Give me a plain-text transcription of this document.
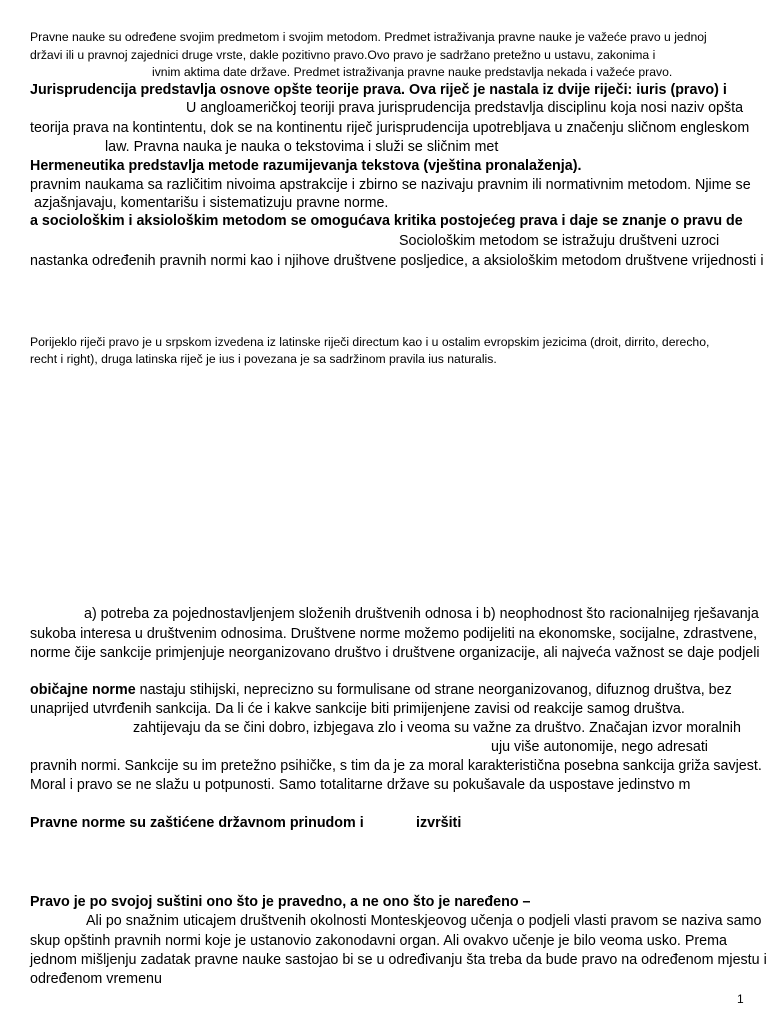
Pravne nauke su određene svojim predmetom i svojim metodom. Predmet istraživanja pravne nauke je važeće pravo u jednoj
državi ili u pravnoj zajednici druge vrste, dakle pozitivno pravo.Ovo pravo je sadržano pretežno u ustavu, zakonima i
ivnim aktima date države. Predmet istraživanja pravne nauke predstavlja nekada i važeće pravo.
Jurisprudencija predstavlja osnove opšte teorije prava. Ova riječ je nastala iz dvije riječi: iuris (pravo) i
U angloameričkoj teoriji prava jurisprudencija predstavlja disciplinu koja nosi naziv opšta
teorija prava na kontintentu, dok se na kontinentu riječ jurisprudencija upotrebljava u značenju sličnom engleskom
law. Pravna nauka je nauka o tekstovima i služi se sličnim met
Hermeneutika predstavlja metode razumijevanja tekstova (vještina pronalaženja).
pravnim naukama sa različitim nivoima apstrakcije i zbirno se nazivaju pravnim ili normativnim metodom. Njime se
azjašnjavaju, komentarišu i sistematizuju pravne norme.
a sociološkim i aksiološkim metodom se omogućava kritika postojećeg prava i daje se znanje o pravu de
Sociološkim metodom se istražuju društveni uzroci
nastanka određenih pravnih normi kao i njihove društvene posljedice, a aksiološkim metodom društvene vrijednosti i
Porijeklo riječi pravo je u srpskom izvedena iz latinske riječi directum kao i u ostalim evropskim jezicima (droit, dirrito, derecho,
recht i right), druga latinska riječ je ius i povezana je sa sadržinom pravila ius naturalis.
a) potreba za pojednostavljenjem složenih društvenih odnosa i b) neophodnost što racionalnijeg rješavanja
sukoba interesa u društvenim odnosima. Društvene norme možemo podijeliti na ekonomske, socijalne, zdrastvene,
norme čije sankcije primjenjuje neorganizovano društvo i društvene organizacije, ali najveća važnost se daje podjeli
običajne norme nastaju stihijski, neprecizno su formulisane od strane neorganizovanog, difuznog društva, bez
unaprijed utvrđenih sankcija. Da li će i kakve sankcije biti primijenjene zavisi od reakcije samog društva.
zahtijevaju da se čini dobro, izbjegava zlo i veoma su važne za društvo. Značajan izvor moralnih
uju više autonomije, nego adresati
pravnih normi. Sankcije su im pretežno psihičke, s tim da je za moral karakteristična posebna sankcija griža savjest.
Moral i pravo se ne slažu u potpunosti. Samo totalitarne države su pokušavale da uspostave jedinstvo m
Pravne norme su zaštićene državnom prinudom i	izvršiti
Pravo je po svojoj suštini ono što je pravedno, a ne ono što je naređeno –
Ali po snažnim uticajem društvenih okolnosti Monteskjeovog učenja o podjeli vlasti pravom se naziva samo
skup opštinh pravnih normi koje je ustanovio zakonodavni organ. Ali ovakvo učenje je bilo veoma usko. Prema
jednom mišljenju zadatak pravne nauke sastojao bi se u određivanju šta treba da bude pravo na određenom mjestu i
određenom vremenu
1
